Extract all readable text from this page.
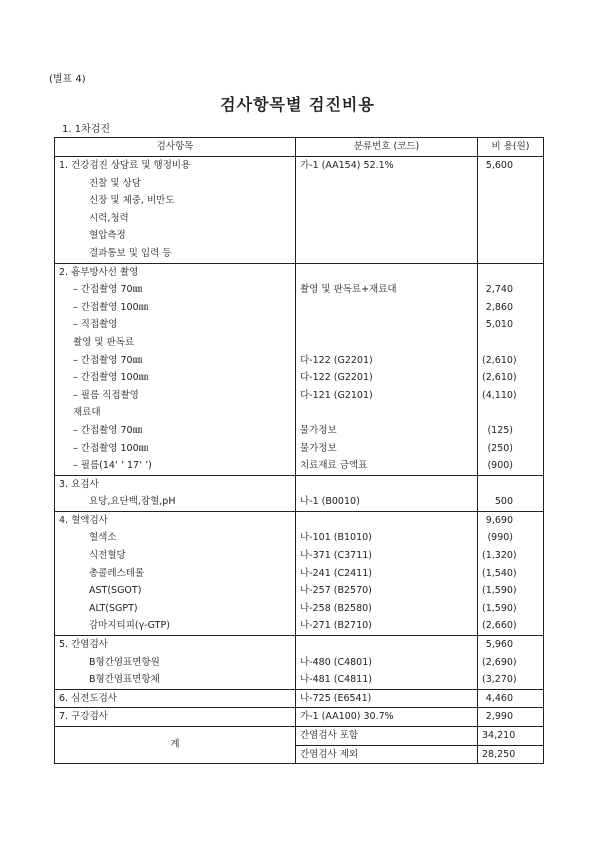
(별표 4)
검사항목별 검진비용
1. 1차검진
검사항목	분류번호 (코드)	비 용(원)
1. 건강검진 상담료 및 행정비용	가-1 (AA154) 52.1%	5,600
진찰 및 상담		
신장 및 체중, 비만도		
시력,청력		
혈압측정		
결과통보 및 입력 등		
2. 흉부방사선 촬영		
– 간접촬영 70㎜	촬영 및 판독료+재료대	2,740
– 간접촬영 100㎜		2,860
– 직접촬영		5,010
촬영 및 판독료		
– 간접촬영 70㎜	다-122 (G2201)	(2,610)
– 간접촬영 100㎜	다-122 (G2201)	(2,610)
– 필름 직접촬영	다-121 (G2101)	(4,110)
재료대		
– 간접촬영 70㎜	물가정보	(125)
– 간접촬영 100㎜	물가정보	(250)
– 필름(14‘ ’ 17‘ ’)	치료재료 금액표	(900)
3. 요검사		
요당,요단백,잠혈,pH	나-1 (B0010)	500
4. 혈액검사		9,690
혈색소	나-101 (B1010)	(990)
식전혈당	나-371 (C3711)	(1,320)
총콜레스테롤	나-241 (C2411)	(1,540)
AST(SGOT)	나-257 (B2570)	(1,590)
ALT(SGPT)	나-258 (B2580)	(1,590)
감마지티피(γ-GTP)	나-271 (B2710)	(2,660)
5. 간염검사		5,960
B형간염표면항원	나-480 (C4801)	(2,690)
B형간염표면항체	나-481 (C4811)	(3,270)
6. 심전도검사	나-725 (E6541)	4,460
7. 구강검사	가-1 (AA100) 30.7%	2,990
계	간염검사 포함	34,210
	간염검사 제외	28,250
